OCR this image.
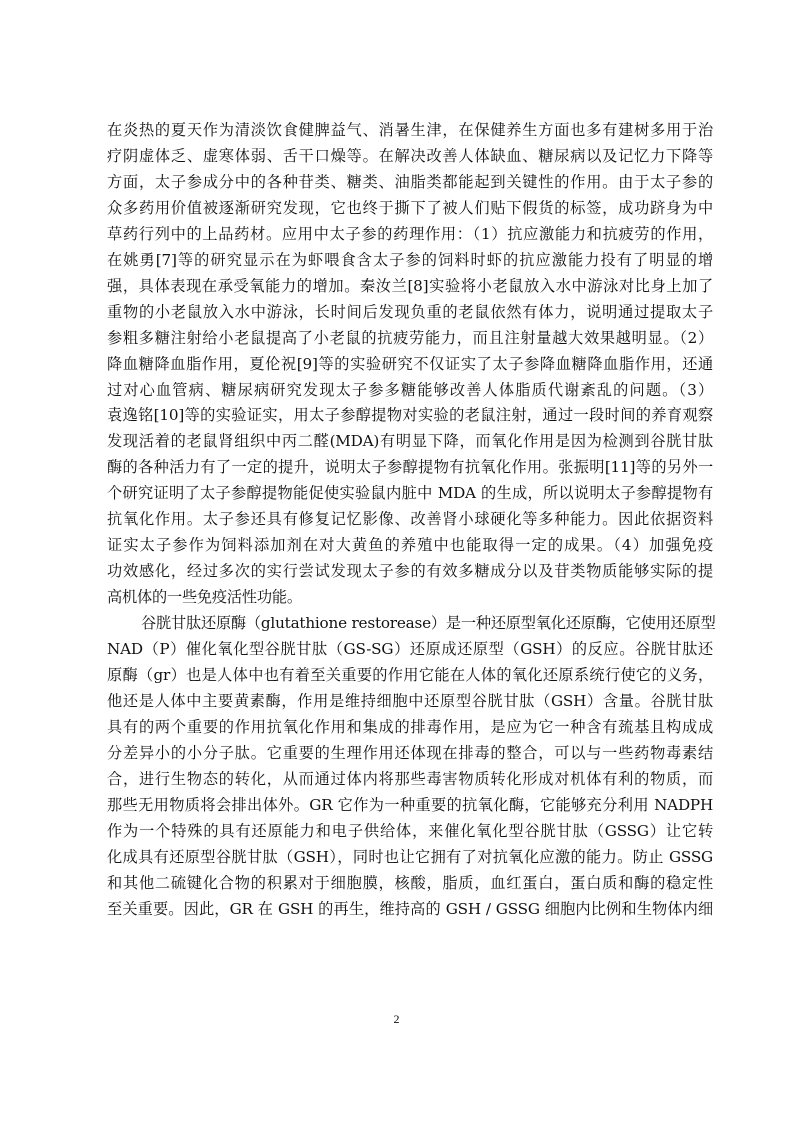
在炎热的夏天作为清淡饮食健脾益气、消暑生津，在保健养生方面也多有建树多用于治
疗阴虚体乏、虚寒体弱、舌干口燥等。在解决改善人体缺血、糖尿病以及记忆力下降等
方面，太子参成分中的各种苷类、糖类、油脂类都能起到关键性的作用。由于太子参的
众多药用价值被逐渐研究发现，它也终于撕下了被人们贴下假货的标签，成功跻身为中
草药行列中的上品药材。应用中太子参的药理作用：（1）抗应激能力和抗疲劳的作用，
在姚勇[7]等的研究显示在为虾喂食含太子参的饲料时虾的抗应激能力投有了明显的增
强，具体表现在承受氧能力的增加。秦汝兰[8]实验将小老鼠放入水中游泳对比身上加了
重物的小老鼠放入水中游泳，长时间后发现负重的老鼠依然有体力，说明通过提取太子
参粗多糖注射给小老鼠提高了小老鼠的抗疲劳能力，而且注射量越大效果越明显。（2）
降血糖降血脂作用，夏伦祝[9]等的实验研究不仅证实了太子参降血糖降血脂作用，还通
过对心血管病、糖尿病研究发现太子参多糖能够改善人体脂质代谢紊乱的问题。（3）
袁逸铭[10]等的实验证实，用太子参醇提物对实验的老鼠注射，通过一段时间的养育观察
发现活着的老鼠肾组织中丙二醛(MDA)有明显下降，而氧化作用是因为检测到谷胱甘肽
酶的各种活力有了一定的提升，说明太子参醇提物有抗氧化作用。张振明[11]等的另外一
个研究证明了太子参醇提物能促使实验鼠内脏中 MDA 的生成，所以说明太子参醇提物有
抗氧化作用。太子参还具有修复记忆影像、改善肾小球硬化等多种能力。因此依据资料
证实太子参作为饲料添加剂在对大黄鱼的养殖中也能取得一定的成果。（4）加强免疫
功效感化，经过多次的实行尝试发现太子参的有效多糖成分以及苷类物质能够实际的提
高机体的一些免疫活性功能。
谷胱甘肽还原酶（glutathione restorease）是一种还原型氧化还原酶，它使用还原型
NAD（P）催化氧化型谷胱甘肽（GS-SG）还原成还原型（GSH）的反应。谷胱甘肽还
原酶（gr）也是人体中也有着至关重要的作用它能在人体的氧化还原系统行使它的义务，
他还是人体中主要黄素酶，作用是维持细胞中还原型谷胱甘肽（GSH）含量。谷胱甘肽
具有的两个重要的作用抗氧化作用和集成的排毒作用，是应为它一种含有巯基且构成成
分差异小的小分子肽。它重要的生理作用还体现在排毒的整合，可以与一些药物毒素结
合，进行生物态的转化，从而通过体内将那些毒害物质转化形成对机体有利的物质，而
那些无用物质将会排出体外。GR 它作为一种重要的抗氧化酶，它能够充分利用 NADPH
作为一个特殊的具有还原能力和电子供给体，来催化氧化型谷胱甘肽（GSSG）让它转
化成具有还原型谷胱甘肽（GSH），同时也让它拥有了对抗氧化应激的能力。防止 GSSG
和其他二硫键化合物的积累对于细胞膜，核酸，脂质，血红蛋白，蛋白质和酶的稳定性
至关重要。因此，GR 在 GSH 的再生，维持高的 GSH / GSSG 细胞内比例和生物体内细
2
